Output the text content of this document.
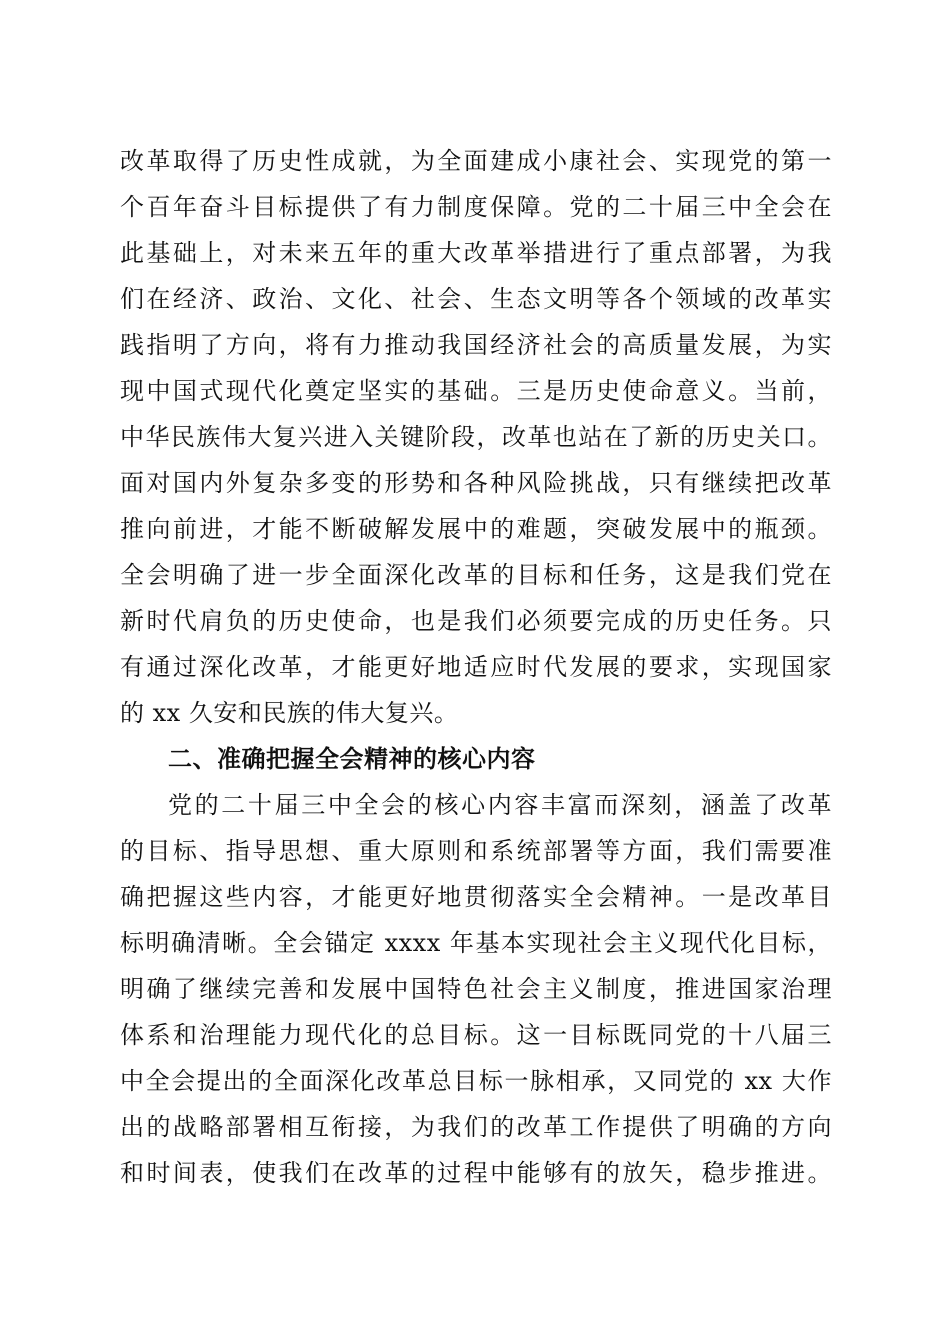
改革取得了历史性成就，为全面建成小康社会、实现党的第一
个百年奋斗目标提供了有力制度保障。党的二十届三中全会在
此基础上，对未来五年的重大改革举措进行了重点部署，为我
们在经济、政治、文化、社会、生态文明等各个领域的改革实
践指明了方向，将有力推动我国经济社会的高质量发展，为实
现中国式现代化奠定坚实的基础。三是历史使命意义。当前，
中华民族伟大复兴进入关键阶段，改革也站在了新的历史关口。
面对国内外复杂多变的形势和各种风险挑战，只有继续把改革
推向前进，才能不断破解发展中的难题，突破发展中的瓶颈。
全会明确了进一步全面深化改革的目标和任务，这是我们党在
新时代肩负的历史使命，也是我们必须要完成的历史任务。只
有通过深化改革，才能更好地适应时代发展的要求，实现国家
的 xx 久安和民族的伟大复兴。
二、准确把握全会精神的核心内容
党的二十届三中全会的核心内容丰富而深刻，涵盖了改革
的目标、指导思想、重大原则和系统部署等方面，我们需要准
确把握这些内容，才能更好地贯彻落实全会精神。一是改革目
标明确清晰。全会锚定 xxxx 年基本实现社会主义现代化目标，
明确了继续完善和发展中国特色社会主义制度，推进国家治理
体系和治理能力现代化的总目标。这一目标既同党的十八届三
中全会提出的全面深化改革总目标一脉相承，又同党的 xx 大作
出的战略部署相互衔接，为我们的改革工作提供了明确的方向
和时间表，使我们在改革的过程中能够有的放矢，稳步推进。
